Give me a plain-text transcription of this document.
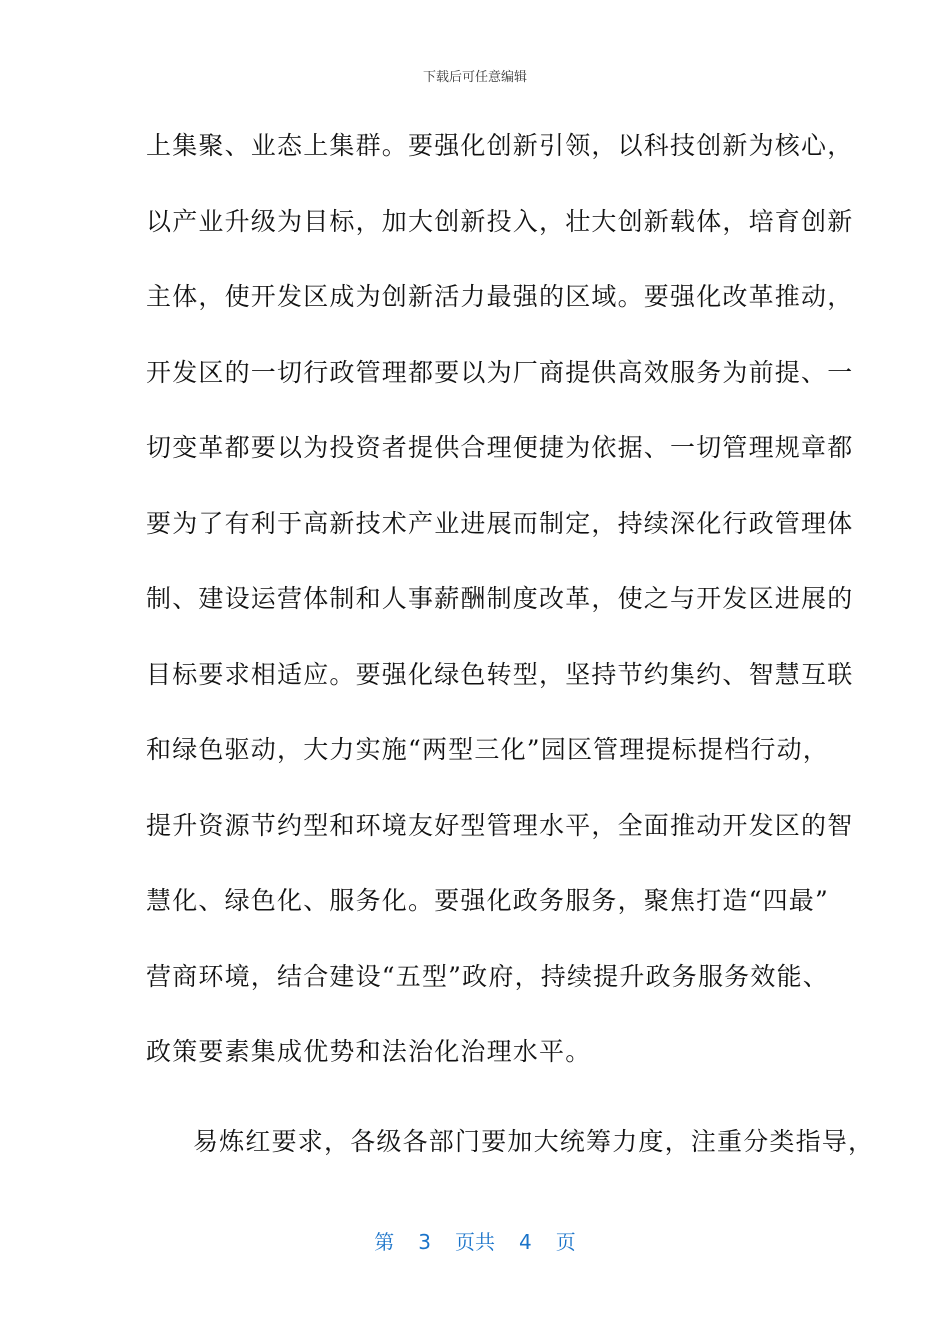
下载后可任意编辑
上集聚、业态上集群。要强化创新引领，以科技创新为核心，
以产业升级为目标，加大创新投入，壮大创新载体，培育创新
主体，使开发区成为创新活力最强的区域。要强化改革推动，
开发区的一切行政管理都要以为厂商提供高效服务为前提、一
切变革都要以为投资者提供合理便捷为依据、一切管理规章都
要为了有利于高新技术产业进展而制定，持续深化行政管理体
制、建设运营体制和人事薪酬制度改革，使之与开发区进展的
目标要求相适应。要强化绿色转型，坚持节约集约、智慧互联
和绿色驱动，大力实施“两型三化”园区管理提标提档行动，
提升资源节约型和环境友好型管理水平，全面推动开发区的智
慧化、绿色化、服务化。要强化政务服务，聚焦打造“四最”
营商环境，结合建设“五型”政府，持续提升政务服务效能、
政策要素集成优势和法治化治理水平。
易炼红要求，各级各部门要加大统筹力度，注重分类指导，
第 3 页共 4 页
